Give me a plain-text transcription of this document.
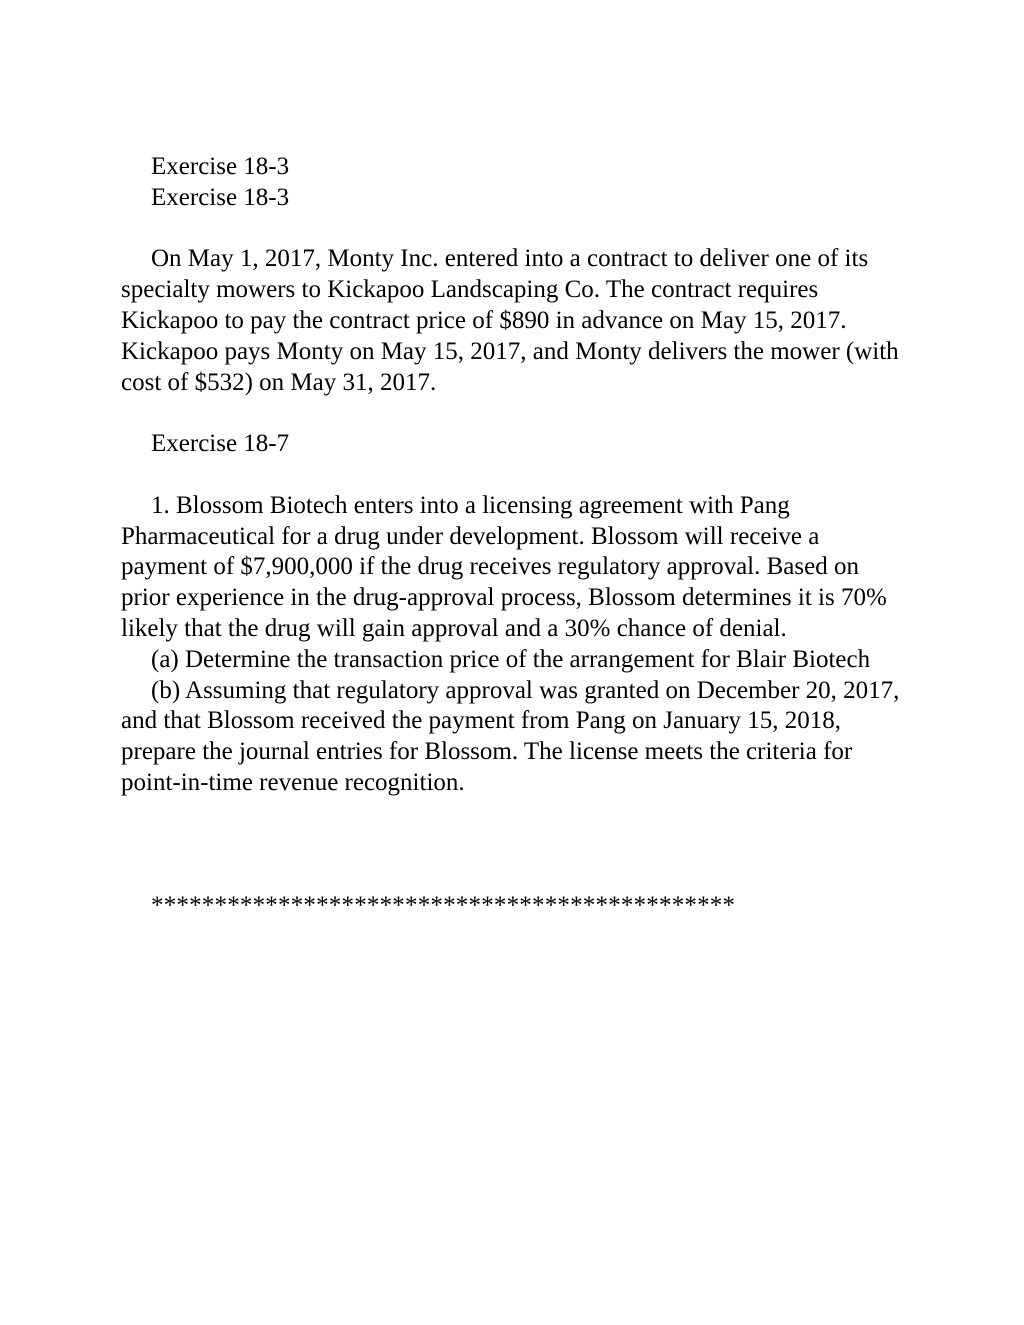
Exercise 18-3

Exercise 18-3

On May 1, 2017, Monty Inc. entered into a contract to deliver one of its specialty mowers to Kickapoo Landscaping Co. The contract requires Kickapoo to pay the contract price of $890 in advance on May 15, 2017. Kickapoo pays Monty on May 15, 2017, and Monty delivers the mower (with cost of $532) on May 31, 2017.

Exercise 18-7

1. Blossom Biotech enters into a licensing agreement with Pang Pharmaceutical for a drug under development. Blossom will receive a payment of $7,900,000 if the drug receives regulatory approval. Based on prior experience in the drug-approval process, Blossom determines it is 70% likely that the drug will gain approval and a 30% chance of denial.

(a) Determine the transaction price of the arrangement for Blair Biotech

(b) Assuming that regulatory approval was granted on December 20, 2017, and that Blossom received the payment from Pang on January 15, 2018, prepare the journal entries for Blossom. The license meets the criteria for point-in-time revenue recognition.

**********************************************
